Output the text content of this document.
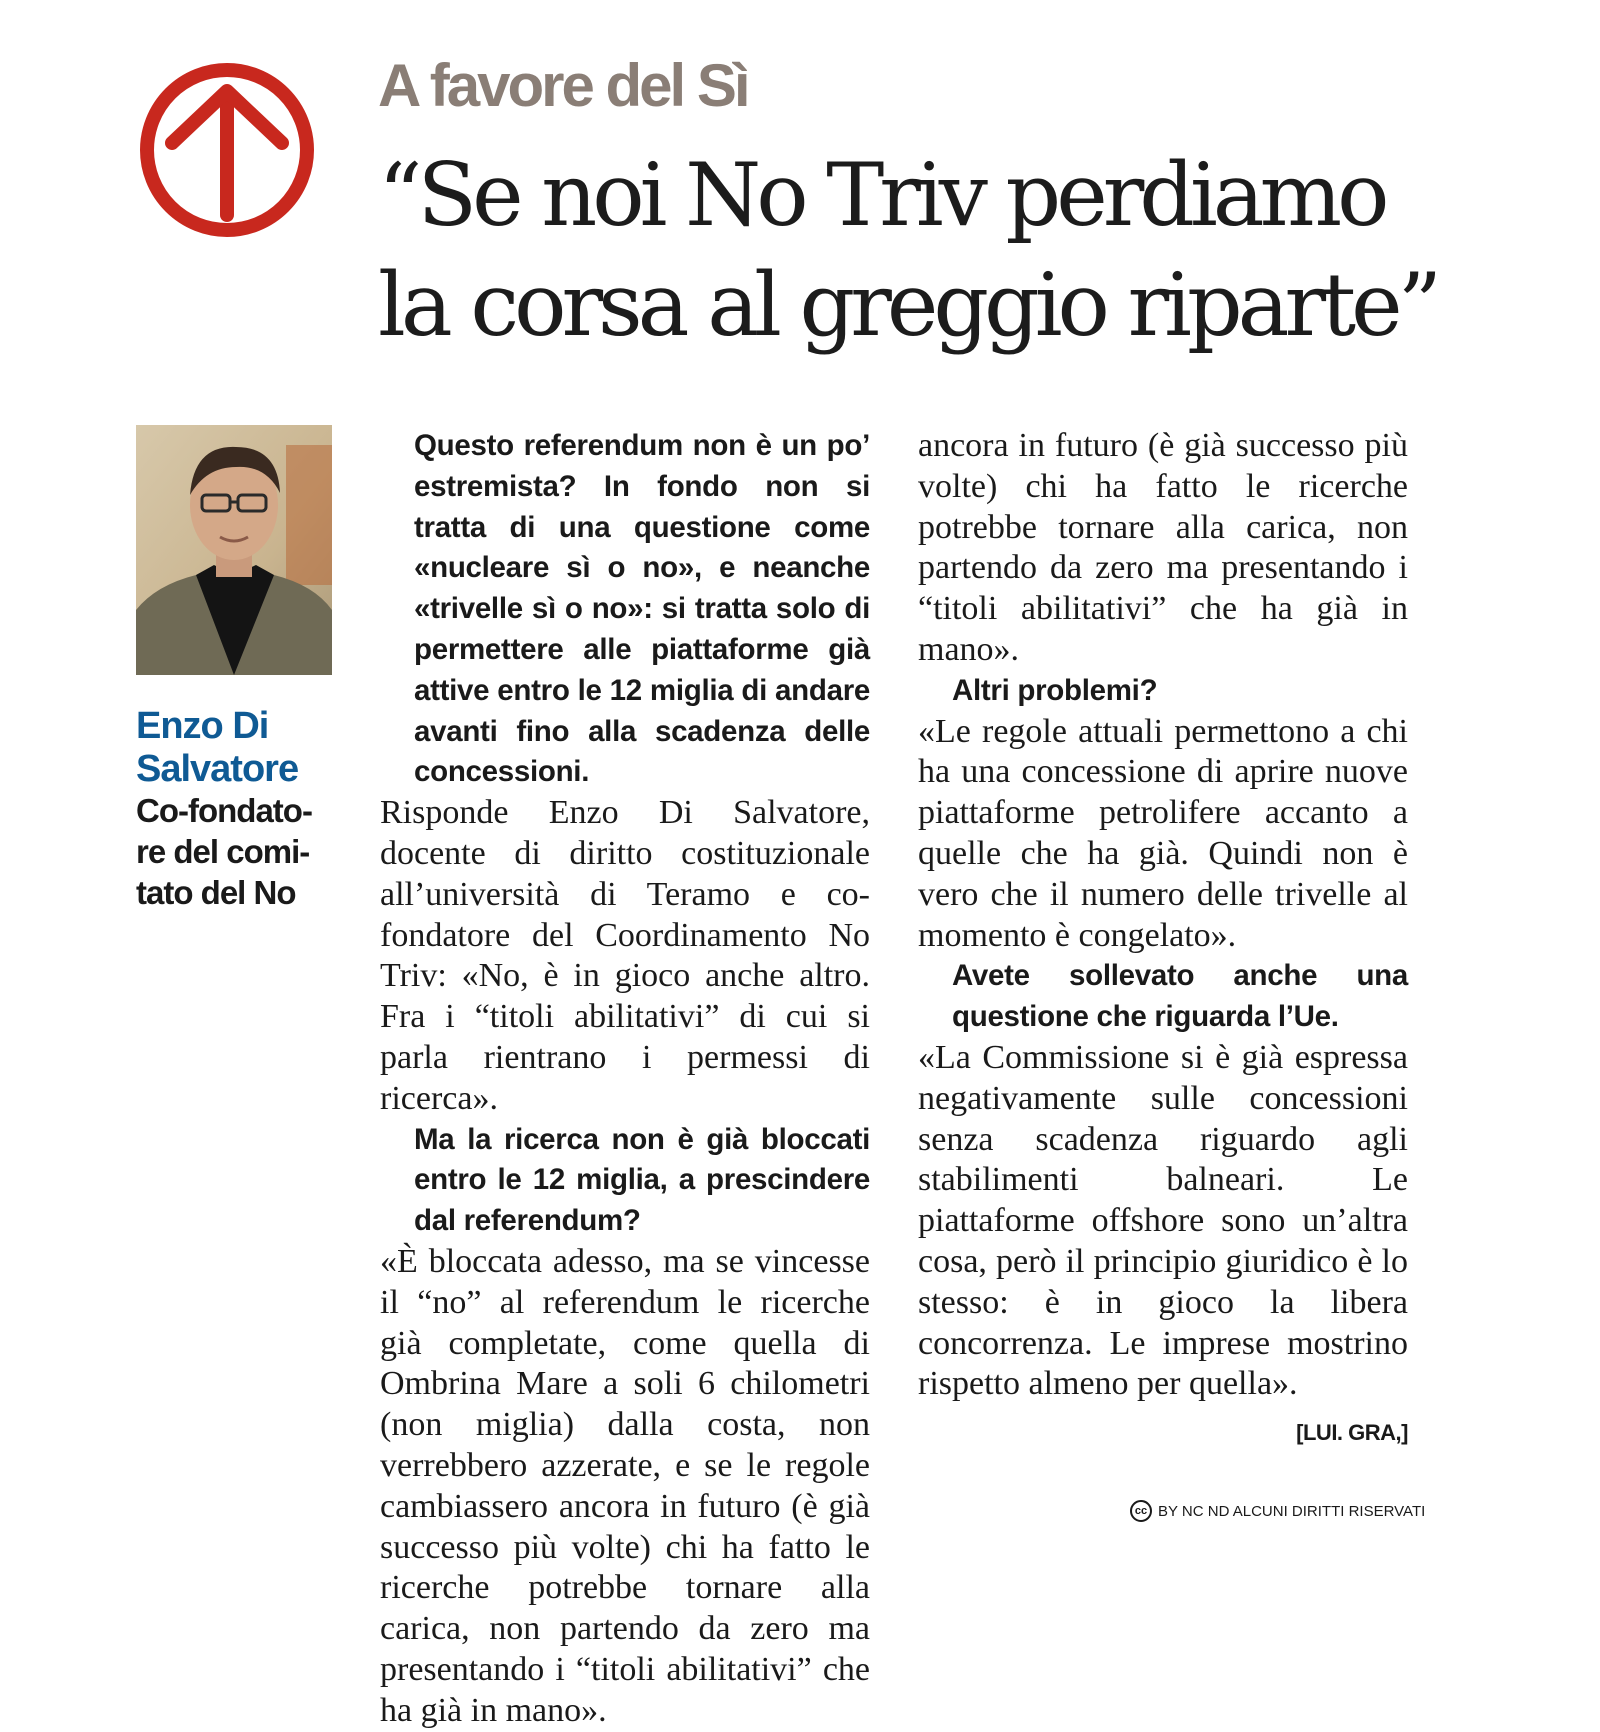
A favore del Sì
“Se noi No Triv perdiamo
la corsa al greggio riparte”
Enzo Di Salvatore
Co-fondato-
re del comi-
tato del No

Questo referendum non è un po’ estremista? In fondo non si tratta di una questione come «nucleare sì o no», e neanche «trivelle sì o no»: si tratta solo di permettere alle piattaforme già attive entro le 12 miglia di andare avanti fino alla scadenza delle concessioni.

Risponde Enzo Di Salvatore, docente di diritto costituzionale all’università di Teramo e co-fondatore del Coordinamento No Triv: «No, è in gioco anche altro. Fra i “titoli abilitativi” di cui si parla rientrano i permessi di ricerca».

Ma la ricerca non è già bloccati entro le 12 miglia, a prescindere dal referendum?

«È bloccata adesso, ma se vincesse il “no” al referendum le ricerche già completate, come quella di Ombrina Mare a soli 6 chilometri (non miglia) dalla costa, non verrebbero azzerate, e se le regole cambiassero ancora in futuro (è già successo più volte) chi ha fatto le ricerche potrebbe tornare alla carica, non partendo da zero ma presentando i “titoli abilitativi” che ha già in mano».

ancora in futuro (è già successo più volte) chi ha fatto le ricerche potrebbe tornare alla carica, non partendo da zero ma presentando i “titoli abilitativi” che ha già in mano».

Altri problemi?

«Le regole attuali permettono a chi ha una concessione di aprire nuove piattaforme petrolifere accanto a quelle che ha già. Quindi non è vero che il numero delle trivelle al momento è congelato».

Avete sollevato anche una questione che riguarda l’Ue.

«La Commissione si è già espressa negativamente sulle concessioni senza scadenza riguardo agli stabilimenti balneari. Le piattaforme offshore sono un’altra cosa, però il principio giuridico è lo stesso: è in gioco la libera concorrenza. Le imprese mostrino rispetto almeno per quella».
[LUI. GRA,]

cc BY NC ND ALCUNI DIRITTI RISERVATI
